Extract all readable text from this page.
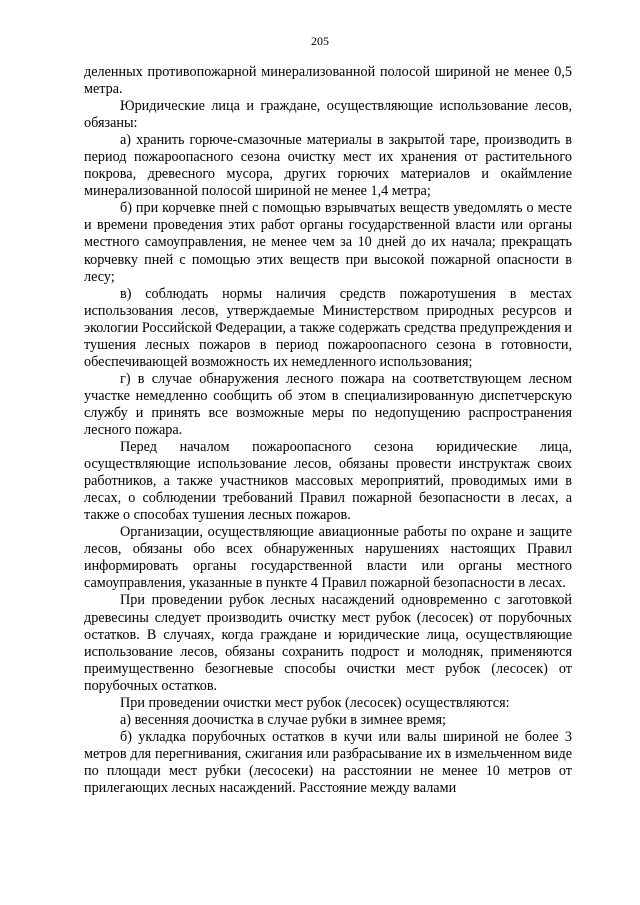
205

деленных противопожарной минерализованной полосой шириной не менее 0,5 метра.

Юридические лица и граждане, осуществляющие использование лесов, обязаны:

а) хранить горюче-смазочные материалы в закрытой таре, производить в период пожароопасного сезона очистку мест их хранения от растительного покрова, древесного мусора, других горючих материалов и окаймление минерализованной полосой шириной не менее 1,4 метра;

б) при корчевке пней с помощью взрывчатых веществ уведомлять о месте и времени проведения этих работ органы государственной власти или органы местного самоуправления, не менее чем за 10 дней до их начала; прекращать корчевку пней с помощью этих веществ при высокой пожарной опасности в лесу;

в) соблюдать нормы наличия средств пожаротушения в местах использования лесов, утверждаемые Министерством природных ресурсов и экологии Российской Федерации, а также содержать средства предупреждения и тушения лесных пожаров в период пожароопасного сезона в готовности, обеспечивающей возможность их немедленного использования;

г) в случае обнаружения лесного пожара на соответствующем лесном участке немедленно сообщить об этом в специализированную диспетчерскую службу и принять все возможные меры по недопущению распространения лесного пожара.

Перед началом пожароопасного сезона юридические лица, осуществляющие использование лесов, обязаны провести инструктаж своих работников, а также участников массовых мероприятий, проводимых ими в лесах, о соблюдении требований Правил пожарной безопасности в лесах, а также о способах тушения лесных пожаров.

Организации, осуществляющие авиационные работы по охране и защите лесов, обязаны обо всех обнаруженных нарушениях настоящих Правил информировать органы государственной власти или органы местного самоуправления, указанные в пункте 4 Правил пожарной безопасности в лесах.

При проведении рубок лесных насаждений одновременно с заготовкой древесины следует производить очистку мест рубок (лесосек) от порубочных остатков. В случаях, когда граждане и юридические лица, осуществляющие использование лесов, обязаны сохранить подрост и молодняк, применяются преимущественно безогневые способы очистки мест рубок (лесосек) от порубочных остатков.

При проведении очистки мест рубок (лесосек) осуществляются:

а) весенняя доочистка в случае рубки в зимнее время;

б) укладка порубочных остатков в кучи или валы шириной не более 3 метров для перегнивания, сжигания или разбрасывание их в измельченном виде по площади мест рубки (лесосеки) на расстоянии не менее 10 метров от прилегающих лесных насаждений. Расстояние между валами
